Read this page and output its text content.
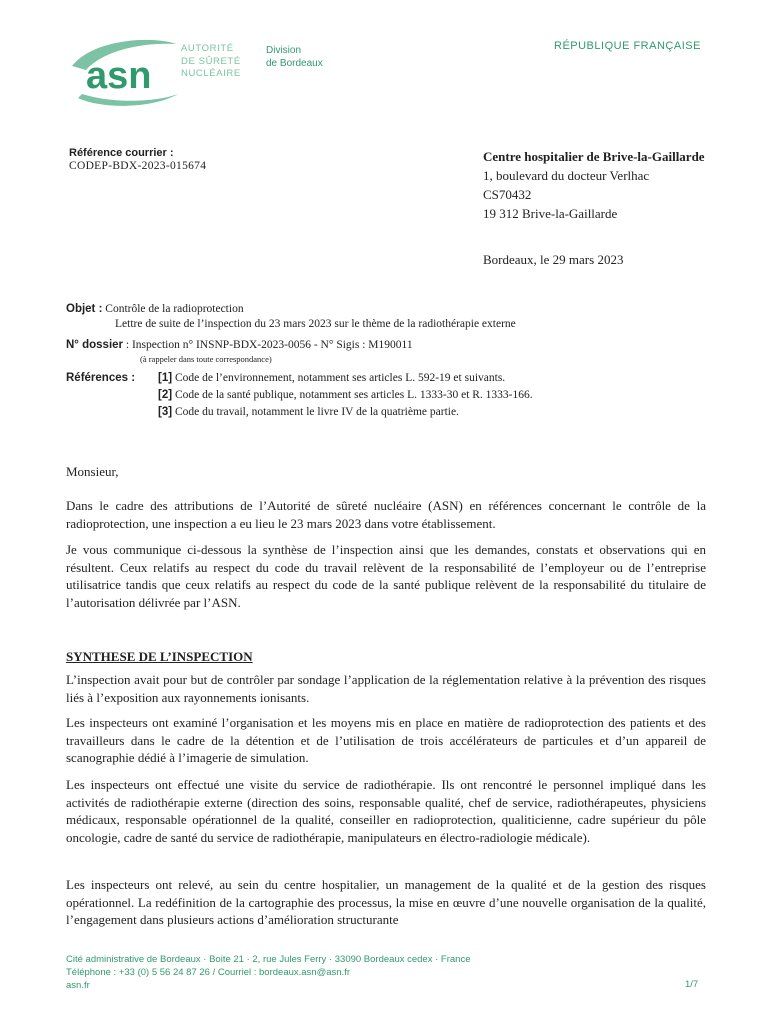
asn
AUTORITÉ
DE SÛRETÉ
NUCLÉAIRE
Division
de Bordeaux
RÉPUBLIQUE FRANÇAISE
Référence courrier :
CODEP-BDX-2023-015674
Centre hospitalier de Brive-la-Gaillarde
1, boulevard du docteur Verlhac
CS70432
19 312 Brive-la-Gaillarde
Bordeaux, le 29 mars 2023
Objet : Contrôle de la radioprotection
Lettre de suite de l’inspection du 23 mars 2023 sur le thème de la radiothérapie externe
N° dossier : Inspection n° INSNP-BDX-2023-0056 - N° Sigis : M190011
(à rappeler dans toute correspondance)
Références : [1] Code de l’environnement, notamment ses articles L. 592-19 et suivants.
[2] Code de la santé publique, notamment ses articles L. 1333-30 et R. 1333-166.
[3] Code du travail, notamment le livre IV de la quatrième partie.
Monsieur,
Dans le cadre des attributions de l’Autorité de sûreté nucléaire (ASN) en références concernant le contrôle de la radioprotection, une inspection a eu lieu le 23 mars 2023 dans votre établissement.
Je vous communique ci-dessous la synthèse de l’inspection ainsi que les demandes, constats et observations qui en résultent. Ceux relatifs au respect du code du travail relèvent de la responsabilité de l’employeur ou de l’entreprise utilisatrice tandis que ceux relatifs au respect du code de la santé publique relèvent de la responsabilité du titulaire de l’autorisation délivrée par l’ASN.
SYNTHESE DE L’INSPECTION
L’inspection avait pour but de contrôler par sondage l’application de la réglementation relative à la prévention des risques liés à l’exposition aux rayonnements ionisants.
Les inspecteurs ont examiné l’organisation et les moyens mis en place en matière de radioprotection des patients et des travailleurs dans le cadre de la détention et de l’utilisation de trois accélérateurs de particules et d’un appareil de scanographie dédié à l’imagerie de simulation.
Les inspecteurs ont effectué une visite du service de radiothérapie. Ils ont rencontré le personnel impliqué dans les activités de radiothérapie externe (direction des soins, responsable qualité, chef de service, radiothérapeutes, physiciens médicaux, responsable opérationnel de la qualité, conseiller en radioprotection, qualiticienne, cadre supérieur du pôle oncologie, cadre de santé du service de radiothérapie, manipulateurs en électro-radiologie médicale).
Les inspecteurs ont relevé, au sein du centre hospitalier, un management de la qualité et de la gestion des risques opérationnel. La redéfinition de la cartographie des processus, la mise en œuvre d’une nouvelle organisation de la qualité, l’engagement dans plusieurs actions d’amélioration structurante
Cité administrative de Bordeaux · Boite 21 · 2, rue Jules Ferry · 33090 Bordeaux cedex · France
Téléphone : +33 (0) 5 56 24 87 26 / Courriel : bordeaux.asn@asn.fr
asn.fr	1/7
